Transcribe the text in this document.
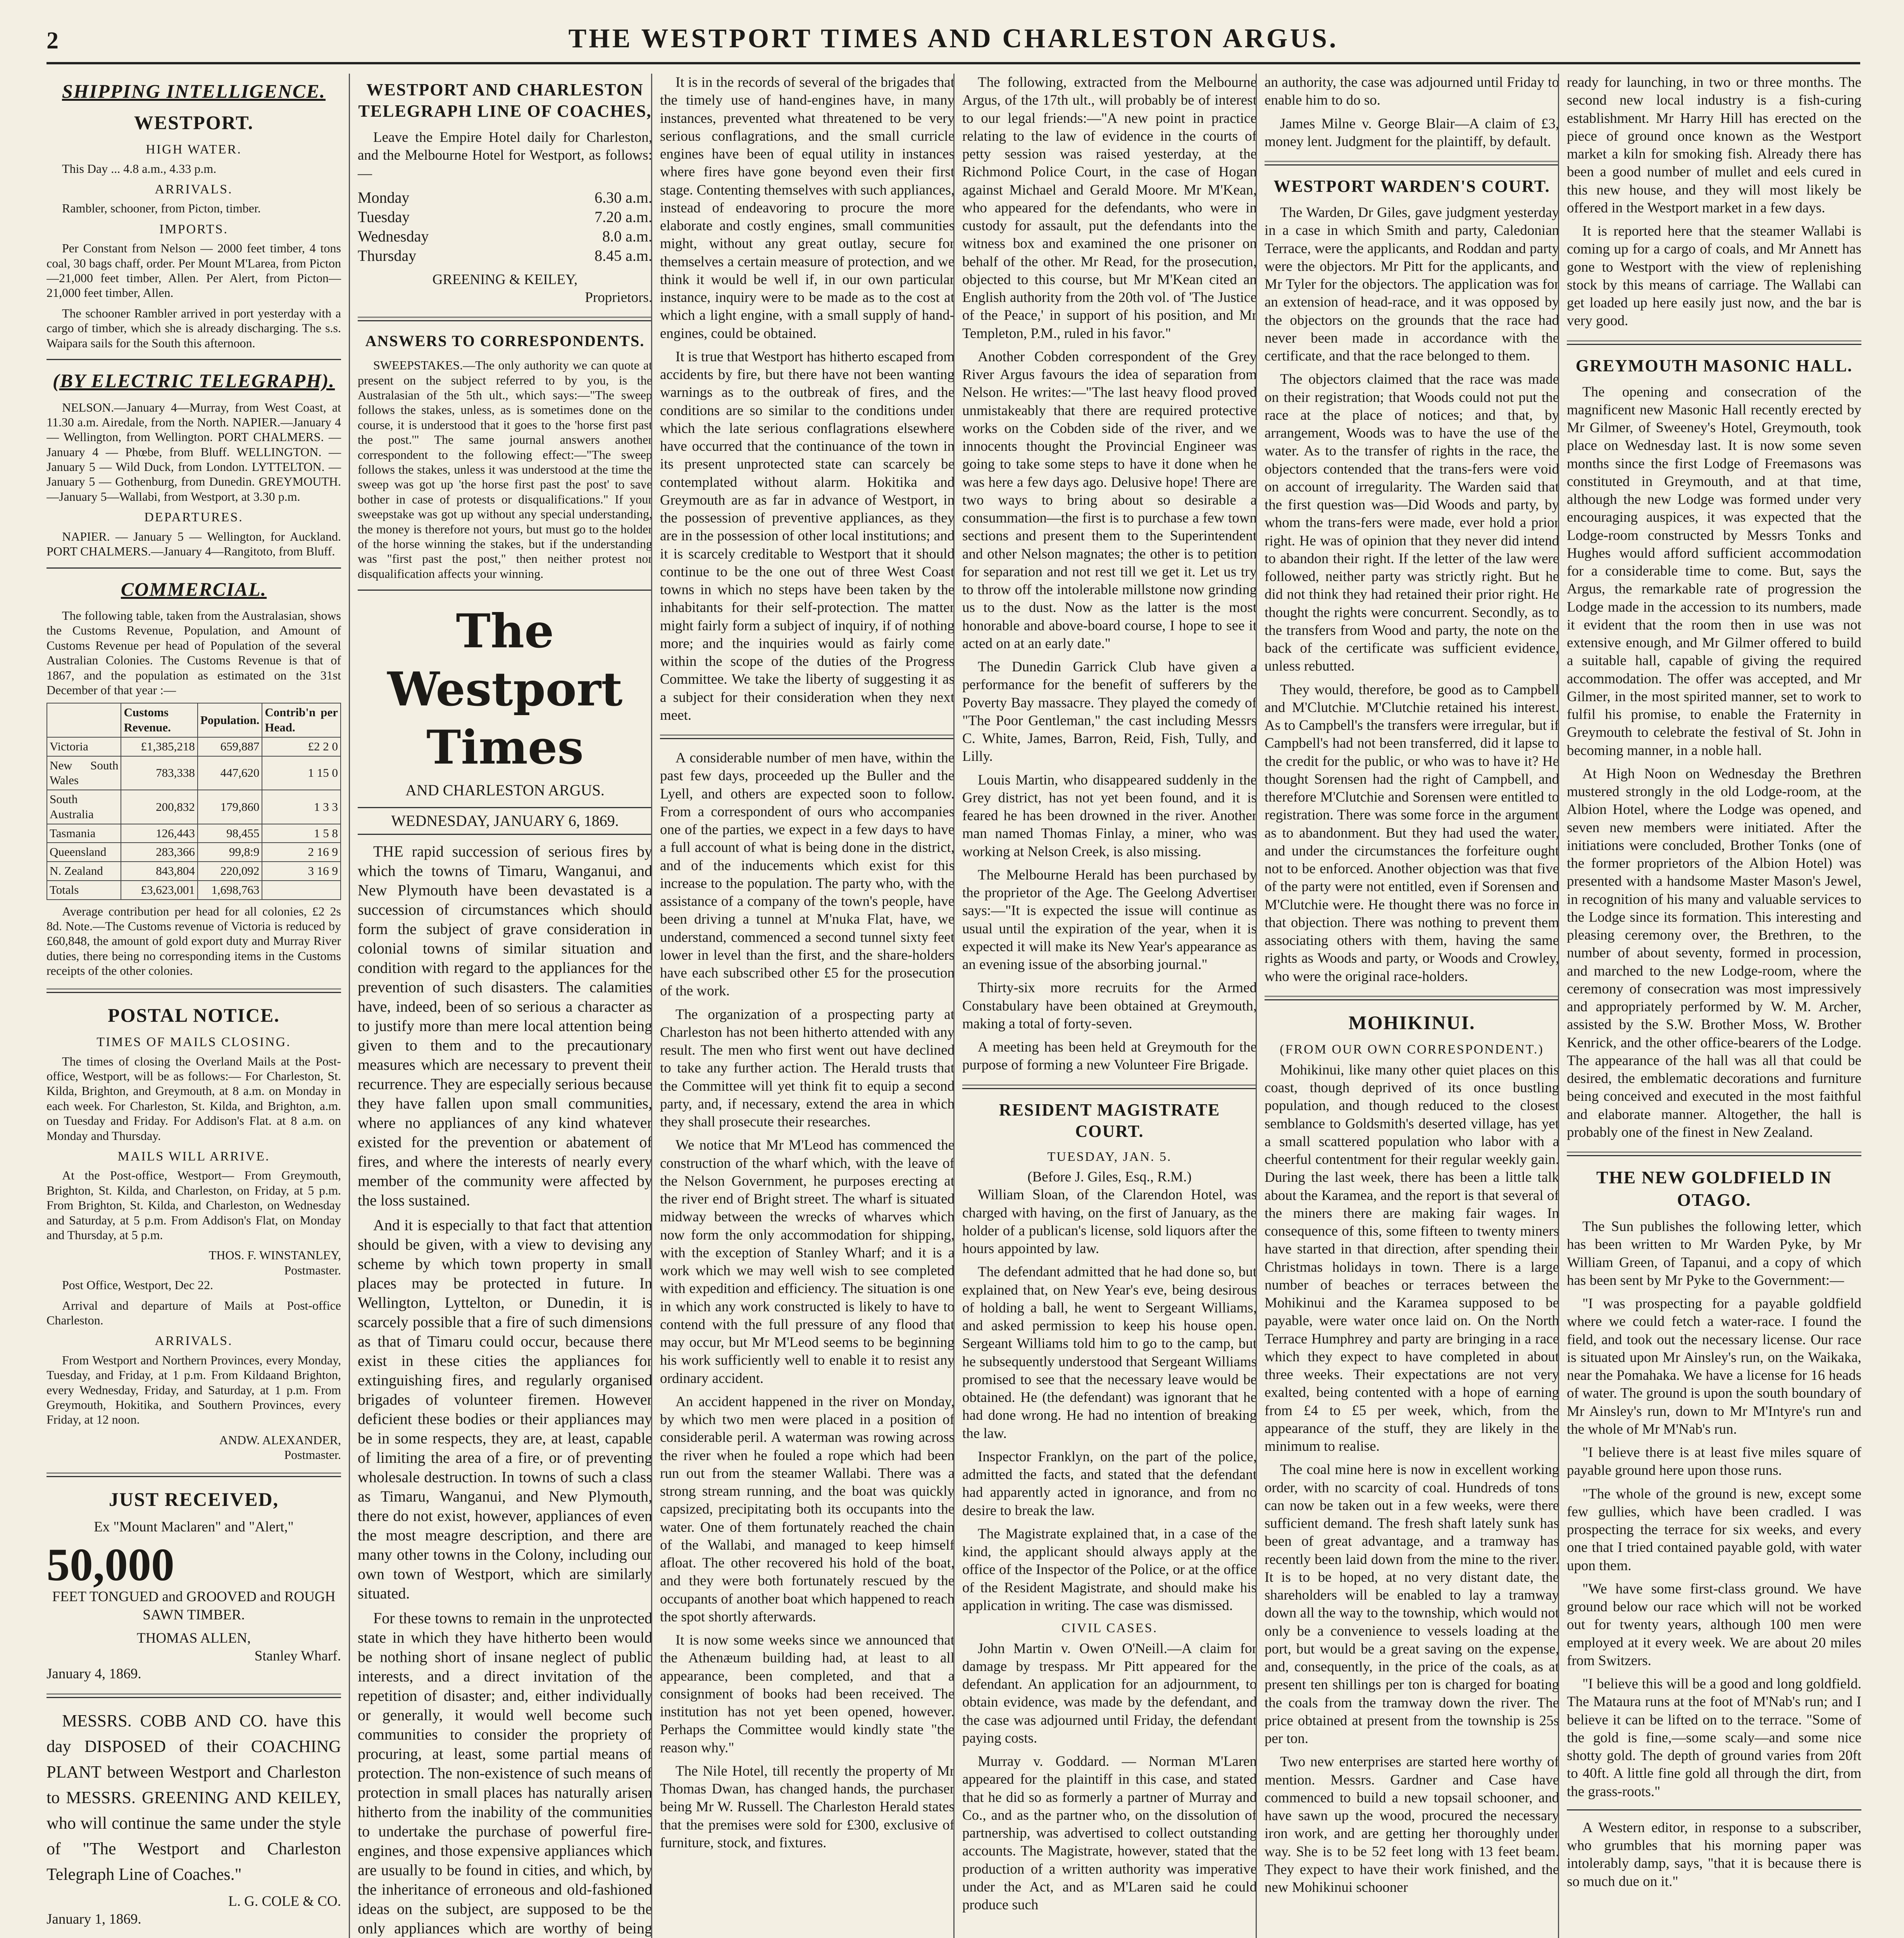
2	THE WESTPORT TIMES AND CHARLESTON ARGUS.
SHIPPING INTELLIGENCE.
WESTPORT.
HIGH WATER.

This Day ... 4.8 a.m., 4.33 p.m.

ARRIVALS.

Rambler, schooner, from Picton, timber.

IMPORTS.

Per Constant from Nelson — 2000 feet timber, 4 tons coal, 30 bags chaff, order. Per Mount M'Larea, from Picton—21,000 feet timber, Allen. Per Alert, from Picton—21,000 feet timber, Allen.

The schooner Rambler arrived in port yesterday with a cargo of timber, which she is already discharging. The s.s. Waipara sails for the South this afternoon.

(BY ELECTRIC TELEGRAPH).

NELSON.—January 4—Murray, from West Coast, at 11.30 a.m. Airedale, from the North. NAPIER.—January 4 — Wellington, from Wellington. PORT CHALMERS. — January 4 — Phœbe, from Bluff. WELLINGTON. — January 5 — Wild Duck, from London. LYTTELTON. — January 5 — Gothenburg, from Dunedin. GREYMOUTH.—January 5—Wallabi, from Westport, at 3.30 p.m.

DEPARTURES.

NAPIER. — January 5 — Wellington, for Auckland. PORT CHALMERS.—January 4—Rangitoto, from Bluff.

COMMERCIAL.

The following table, taken from the Australasian, shows the Customs Revenue, Population, and Amount of Customs Revenue per head of Population of the several Australian Colonies. The Customs Revenue is that of 1867, and the population as estimated on the 31st December of that year :—

	Customs Revenue.	Population.	Contrib'n per Head.
Victoria	£1,385,218	659,887	£2 2 0
New South Wales	783,338	447,620	1 15 0
South Australia	200,832	179,860	1 3 3
Tasmania	126,443	98,455	1 5 8
Queensland	283,366	99,8:9	2 16 9
N. Zealand	843,804	220,092	3 16 9
Totals	£3,623,001	1,698,763	

Average contribution per head for all colonies, £2 2s 8d. Note.—The Customs revenue of Victoria is reduced by £60,848, the amount of gold export duty and Murray River duties, there being no corresponding items in the Customs receipts of the other colonies.

POSTAL NOTICE.
TIMES OF MAILS CLOSING.

The times of closing the Overland Mails at the Post-office, Westport, will be as follows:— For Charleston, St. Kilda, Brighton, and Greymouth, at 8 a.m. on Monday in each week. For Charleston, St. Kilda, and Brighton, a.m. on Tuesday and Friday. For Addison's Flat. at 8 a.m. on Monday and Thursday.

MAILS WILL ARRIVE.

At the Post-office, Westport— From Greymouth, Brighton, St. Kilda, and Charleston, on Friday, at 5 p.m. From Brighton, St. Kilda, and Charleston, on Wednesday and Saturday, at 5 p.m. From Addison's Flat, on Monday and Thursday, at 5 p.m.

THOS. F. WINSTANLEY,
Postmaster.

Post Office, Westport, Dec 22.

Arrival and departure of Mails at Post-office Charleston.

ARRIVALS.

From Westport and Northern Provinces, every Monday, Tuesday, and Friday, at 1 p.m. From Kildaand Brighton, every Wednesday, Friday, and Saturday, at 1 p.m. From Greymouth, Hokitika, and Southern Provinces, every Friday, at 12 noon.

ANDW. ALEXANDER,
Postmaster.
JUST RECEIVED,

Ex "Mount Maclaren" and "Alert,"

50,000

FEET TONGUED and GROOVED and ROUGH SAWN TIMBER.

THOMAS ALLEN,
Stanley Wharf.
January 4, 1869.

MESSRS. COBB AND CO. have this day DISPOSED of their COACHING PLANT between Westport and Charleston to MESSRS. GREENING AND KEILEY, who will continue the same under the style of "The Westport and Charleston Telegraph Line of Coaches."

L. G. COLE & CO.
January 1, 1869.
WESTPORT AND CHARLESTON TELEGRAPH LINE OF COACHES,

Leave the Empire Hotel daily for Charleston, and the Melbourne Hotel for Westport, as follows:—

Monday	6.30 a.m.
Tuesday	7.20 a.m.
Wednesday	8.0 a.m.
Thursday	8.45 a.m.
GREENING & KEILEY,
Proprietors.
ANSWERS TO CORRESPONDENTS.

SWEEPSTAKES.—The only authority we can quote at present on the subject referred to by you, is the Australasian of the 5th ult., which says:—"The sweep follows the stakes, unless, as is sometimes done on the course, it is understood that it goes to the 'horse first past the post.'" The same journal answers another correspondent to the following effect:—"The sweep follows the stakes, unless it was understood at the time the sweep was got up 'the horse first past the post' to save bother in case of protests or disqualifications." If your sweepstake was got up without any special understanding, the money is therefore not yours, but must go to the holder of the horse winning the stakes, but if the understanding was "first past the post," then neither protest nor disqualification affects your winning.

The Westport Times
AND CHARLESTON ARGUS.
WEDNESDAY, JANUARY 6, 1869.

THE rapid succession of serious fires by which the towns of Timaru, Wanganui, and New Plymouth have been devastated is a succession of circumstances which should form the subject of grave consideration in colonial towns of similar situation and condition with regard to the appliances for the prevention of such disasters. The calamities have, indeed, been of so serious a character as to justify more than mere local attention being given to them and to the precautionary measures which are necessary to prevent their recurrence. They are especially serious because they have fallen upon small communities, where no appliances of any kind whatever existed for the prevention or abatement of fires, and where the interests of nearly every member of the community were affected by the loss sustained.

And it is especially to that fact that attention should be given, with a view to devising any scheme by which town property in small places may be protected in future. In Wellington, Lyttelton, or Dunedin, it is scarcely possible that a fire of such dimensions as that of Timaru could occur, because there exist in these cities the appliances for extinguishing fires, and regularly organised brigades of volunteer firemen. However deficient these bodies or their appliances may be in some respects, they are, at least, capable of limiting the area of a fire, or of preventing wholesale destruction. In towns of such a class as Timaru, Wanganui, and New Plymouth, there do not exist, however, appliances of even the most meagre description, and there are many other towns in the Colony, including our own town of Westport, which are similarly situated.

For these towns to remain in the unprotected state in which they have hitherto been would be nothing short of insane neglect of public interests, and a direct invitation of the repetition of disaster; and, either individually or generally, it would well become such communities to consider the propriety of procuring, at least, some partial means of protection. The non-existence of such means of protection in small places has naturally arisen hitherto from the inability of the communities to undertake the purchase of powerful fire-engines, and those expensive appliances which are usually to be found in cities, and which, by the inheritance of erroneous and old-fashioned ideas on the subject, are supposed to be the only appliances which are worthy of being

It is in the records of several of the brigades that the timely use of hand-engines have, in many instances, prevented what threatened to be very serious conflagrations, and the small curricle engines have been of equal utility in instances where fires have gone beyond even their first stage. Contenting themselves with such appliances, instead of endeavoring to procure the more elaborate and costly engines, small communities might, without any great outlay, secure for themselves a certain measure of protection, and we think it would be well if, in our own particular instance, inquiry were to be made as to the cost at which a light engine, with a small supply of hand-engines, could be obtained.

It is true that Westport has hitherto escaped from accidents by fire, but there have not been wanting warnings as to the outbreak of fires, and the conditions are so similar to the conditions under which the late serious conflagrations elsewhere have occurred that the continuance of the town in its present unprotected state can scarcely be contemplated without alarm. Hokitika and Greymouth are as far in advance of Westport, in the possession of preventive appliances, as they are in the possession of other local institutions; and it is scarcely creditable to Westport that it should continue to be the one out of three West Coast towns in which no steps have been taken by the inhabitants for their self-protection. The matter might fairly form a subject of inquiry, if of nothing more; and the inquiries would as fairly come within the scope of the duties of the Progress Committee. We take the liberty of suggesting it as a subject for their consideration when they next meet.

A considerable number of men have, within the past few days, proceeded up the Buller and the Lyell, and others are expected soon to follow. From a correspondent of ours who accompanies one of the parties, we expect in a few days to have a full account of what is being done in the district, and of the inducements which exist for this increase to the population. The party who, with the assistance of a company of the town's people, have been driving a tunnel at M'nuka Flat, have, we understand, commenced a second tunnel sixty feet lower in level than the first, and the share-holders have each subscribed other £5 for the prosecution of the work.

The organization of a prospecting party at Charleston has not been hitherto attended with any result. The men who first went out have declined to take any further action. The Herald trusts that the Committee will yet think fit to equip a second party, and, if necessary, extend the area in which they shall prosecute their researches.

We notice that Mr M'Leod has commenced the construction of the wharf which, with the leave of the Nelson Government, he purposes erecting at the river end of Bright street. The wharf is situated midway between the wrecks of wharves which now form the only accommodation for shipping, with the exception of Stanley Wharf; and it is a work which we may well wish to see completed with expedition and efficiency. The situation is one in which any work constructed is likely to have to contend with the full pressure of any flood that may occur, but Mr M'Leod seems to be beginning his work sufficiently well to enable it to resist any ordinary accident.

An accident happened in the river on Monday, by which two men were placed in a position of considerable peril. A waterman was rowing across the river when he fouled a rope which had been run out from the steamer Wallabi. There was a strong stream running, and the boat was quickly capsized, precipitating both its occupants into the water. One of them fortunately reached the chain of the Wallabi, and managed to keep himself afloat. The other recovered his hold of the boat, and they were both fortunately rescued by the occupants of another boat which happened to reach the spot shortly afterwards.

It is now some weeks since we announced that the Athenæum building had, at least to all appearance, been completed, and that a consignment of books had been received. The institution has not yet been opened, however. Perhaps the Committee would kindly state "the reason why."

The Nile Hotel, till recently the property of Mr Thomas Dwan, has changed hands, the purchaser being Mr W. Russell. The Charleston Herald states that the premises were sold for £300, exclusive of furniture, stock, and fixtures.

The following, extracted from the Melbourne Argus, of the 17th ult., will probably be of interest to our legal friends:—"A new point in practice relating to the law of evidence in the courts of petty session was raised yesterday, at the Richmond Police Court, in the case of Hogan against Michael and Gerald Moore. Mr M'Kean, who appeared for the defendants, who were in custody for assault, put the defendants into the witness box and examined the one prisoner on behalf of the other. Mr Read, for the prosecution, objected to this course, but Mr M'Kean cited an English authority from the 20th vol. of 'The Justice of the Peace,' in support of his position, and Mr Templeton, P.M., ruled in his favor."

Another Cobden correspondent of the Grey River Argus favours the idea of separation from Nelson. He writes:—"The last heavy flood proved unmistakeably that there are required protective works on the Cobden side of the river, and we innocents thought the Provincial Engineer was going to take some steps to have it done when he was here a few days ago. Delusive hope! There are two ways to bring about so desirable a consummation—the first is to purchase a few town sections and present them to the Superintendent and other Nelson magnates; the other is to petition for separation and not rest till we get it. Let us try to throw off the intolerable millstone now grinding us to the dust. Now as the latter is the most honorable and above-board course, I hope to see it acted on at an early date."

The Dunedin Garrick Club have given a performance for the benefit of sufferers by the Poverty Bay massacre. They played the comedy of "The Poor Gentleman," the cast including Messrs C. White, James, Barron, Reid, Fish, Tully, and Lilly.

Louis Martin, who disappeared suddenly in the Grey district, has not yet been found, and it is feared he has been drowned in the river. Another man named Thomas Finlay, a miner, who was working at Nelson Creek, is also missing.

The Melbourne Herald has been purchased by the proprietor of the Age. The Geelong Advertiser says:—"It is expected the issue will continue as usual until the expiration of the year, when it is expected it will make its New Year's appearance as an evening issue of the absorbing journal."

Thirty-six more recruits for the Armed Constabulary have been obtained at Greymouth, making a total of forty-seven.

A meeting has been held at Greymouth for the purpose of forming a new Volunteer Fire Brigade.

RESIDENT MAGISTRATE COURT.
TUESDAY, JAN. 5.
(Before J. Giles, Esq., R.M.)

William Sloan, of the Clarendon Hotel, was charged with having, on the first of January, as the holder of a publican's license, sold liquors after the hours appointed by law.

The defendant admitted that he had done so, but explained that, on New Year's eve, being desirous of holding a ball, he went to Sergeant Williams, and asked permission to keep his house open. Sergeant Williams told him to go to the camp, but he subsequently understood that Sergeant Williams promised to see that the necessary leave would be obtained. He (the defendant) was ignorant that he had done wrong. He had no intention of breaking the law.

Inspector Franklyn, on the part of the police, admitted the facts, and stated that the defendant had apparently acted in ignorance, and from no desire to break the law.

The Magistrate explained that, in a case of the kind, the applicant should always apply at the office of the Inspector of the Police, or at the office of the Resident Magistrate, and should make his application in writing. The case was dismissed.

CIVIL CASES.

John Martin v. Owen O'Neill.—A claim for damage by trespass. Mr Pitt appeared for the defendant. An application for an adjournment, to obtain evidence, was made by the defendant, and the case was adjourned until Friday, the defendant paying costs.

Murray v. Goddard. — Norman M'Laren appeared for the plaintiff in this case, and stated that he did so as formerly a partner of Murray and Co., and as the partner who, on the dissolution of partnership, was advertised to collect outstanding accounts. The Magistrate, however, stated that the production of a written authority was imperative under the Act, and as M'Laren said he could produce such

an authority, the case was adjourned until Friday to enable him to do so.

James Milne v. George Blair—A claim of £3, money lent. Judgment for the plaintiff, by default.

WESTPORT WARDEN'S COURT.

The Warden, Dr Giles, gave judgment yesterday in a case in which Smith and party, Caledonian Terrace, were the applicants, and Roddan and party were the objectors. Mr Pitt for the applicants, and Mr Tyler for the objectors. The application was for an extension of head-race, and it was opposed by the objectors on the grounds that the race had never been made in accordance with the certificate, and that the race belonged to them.

The objectors claimed that the race was made on their registration; that Woods could not put the race at the place of notices; and that, by arrangement, Woods was to have the use of the water. As to the transfer of rights in the race, the objectors contended that the trans-fers were void on account of irregularity. The Warden said that the first question was—Did Woods and party, by whom the trans-fers were made, ever hold a prior right. He was of opinion that they never did intend to abandon their right. If the letter of the law were followed, neither party was strictly right. But he did not think they had retained their prior right. He thought the rights were concurrent. Secondly, as to the transfers from Wood and party, the note on the back of the certificate was sufficient evidence, unless rebutted.

They would, therefore, be good as to Campbell and M'Clutchie. M'Clutchie retained his interest. As to Campbell's the transfers were irregular, but if Campbell's had not been transferred, did it lapse to the credit for the public, or who was to have it? He thought Sorensen had the right of Campbell, and therefore M'Clutchie and Sorensen were entitled to registration. There was some force in the argument as to abandonment. But they had used the water, and under the circumstances the forfeiture ought not to be enforced. Another objection was that five of the party were not entitled, even if Sorensen and M'Clutchie were. He thought there was no force in that objection. There was nothing to prevent them associating others with them, having the same rights as Woods and party, or Woods and Crowley, who were the original race-holders.

MOHIKINUI.
(FROM OUR OWN CORRESPONDENT.)

Mohikinui, like many other quiet places on this coast, though deprived of its once bustling population, and though reduced to the closest semblance to Goldsmith's deserted village, has yet a small scattered population who labor with a cheerful contentment for their regular weekly gain. During the last week, there has been a little talk about the Karamea, and the report is that several of the miners there are making fair wages. In consequence of this, some fifteen to twenty miners have started in that direction, after spending their Christmas holidays in town. There is a large number of beaches or terraces between the Mohikinui and the Karamea supposed to be payable, were water once laid on. On the North Terrace Humphrey and party are bringing in a race which they expect to have completed in about three weeks. Their expectations are not very exalted, being contented with a hope of earning from £4 to £5 per week, which, from the appearance of the stuff, they are likely in the minimum to realise.

The coal mine here is now in excellent working order, with no scarcity of coal. Hundreds of tons can now be taken out in a few weeks, were there sufficient demand. The fresh shaft lately sunk has been of great advantage, and a tramway has recently been laid down from the mine to the river. It is to be hoped, at no very distant date, the shareholders will be enabled to lay a tramway down all the way to the township, which would not only be a convenience to vessels loading at the port, but would be a great saving on the expense, and, consequently, in the price of the coals, as at present ten shillings per ton is charged for boating the coals from the tramway down the river. The price obtained at present from the township is 25s per ton.

Two new enterprises are started here worthy of mention. Messrs. Gardner and Case have commenced to build a new topsail schooner, and have sawn up the wood, procured the necessary iron work, and are getting her thoroughly under way. She is to be 52 feet long with 13 feet beam. They expect to have their work finished, and the new Mohikinui schooner

ready for launching, in two or three months. The second new local industry is a fish-curing establishment. Mr Harry Hill has erected on the piece of ground once known as the Westport market a kiln for smoking fish. Already there has been a good number of mullet and eels cured in this new house, and they will most likely be offered in the Westport market in a few days.

It is reported here that the steamer Wallabi is coming up for a cargo of coals, and Mr Annett has gone to Westport with the view of replenishing stock by this means of carriage. The Wallabi can get loaded up here easily just now, and the bar is very good.

GREYMOUTH MASONIC HALL.

The opening and consecration of the magnificent new Masonic Hall recently erected by Mr Gilmer, of Sweeney's Hotel, Greymouth, took place on Wednesday last. It is now some seven months since the first Lodge of Freemasons was constituted in Greymouth, and at that time, although the new Lodge was formed under very encouraging auspices, it was expected that the Lodge-room constructed by Messrs Tonks and Hughes would afford sufficient accommodation for a considerable time to come. But, says the Argus, the remarkable rate of progression the Lodge made in the accession to its numbers, made it evident that the room then in use was not extensive enough, and Mr Gilmer offered to build a suitable hall, capable of giving the required accommodation. The offer was accepted, and Mr Gilmer, in the most spirited manner, set to work to fulfil his promise, to enable the Fraternity in Greymouth to celebrate the festival of St. John in becoming manner, in a noble hall.

At High Noon on Wednesday the Brethren mustered strongly in the old Lodge-room, at the Albion Hotel, where the Lodge was opened, and seven new members were initiated. After the initiations were concluded, Brother Tonks (one of the former proprietors of the Albion Hotel) was presented with a handsome Master Mason's Jewel, in recognition of his many and valuable services to the Lodge since its formation. This interesting and pleasing ceremony over, the Brethren, to the number of about seventy, formed in procession, and marched to the new Lodge-room, where the ceremony of consecration was most impressively and appropriately performed by W. M. Archer, assisted by the S.W. Brother Moss, W. Brother Kenrick, and the other office-bearers of the Lodge. The appearance of the hall was all that could be desired, the emblematic decorations and furniture being conceived and executed in the most faithful and elaborate manner. Altogether, the hall is probably one of the finest in New Zealand.

THE NEW GOLDFIELD IN OTAGO.

The Sun publishes the following letter, which has been written to Mr Warden Pyke, by Mr William Green, of Tapanui, and a copy of which has been sent by Mr Pyke to the Government:—

"I was prospecting for a payable goldfield where we could fetch a water-race. I found the field, and took out the necessary license. Our race is situated upon Mr Ainsley's run, on the Waikaka, near the Pomahaka. We have a license for 16 heads of water. The ground is upon the south boundary of Mr Ainsley's run, down to Mr M'Intyre's run and the whole of Mr M'Nab's run.

"I believe there is at least five miles square of payable ground here upon those runs.

"The whole of the ground is new, except some few gullies, which have been cradled. I was prospecting the terrace for six weeks, and every one that I tried contained payable gold, with water upon them.

"We have some first-class ground. We have ground below our race which will not be worked out for twenty years, although 100 men were employed at it every week. We are about 20 miles from Switzers.

"I believe this will be a good and long goldfield. The Mataura runs at the foot of M'Nab's run; and I believe it can be lifted on to the terrace. "Some of the gold is fine,—some scaly—and some nice shotty gold. The depth of ground varies from 20ft to 40ft. A little fine gold all through the dirt, from the grass-roots."

A Western editor, in response to a subscriber, who grumbles that his morning paper was intolerably damp, says, "that it is because there is so much due on it."
